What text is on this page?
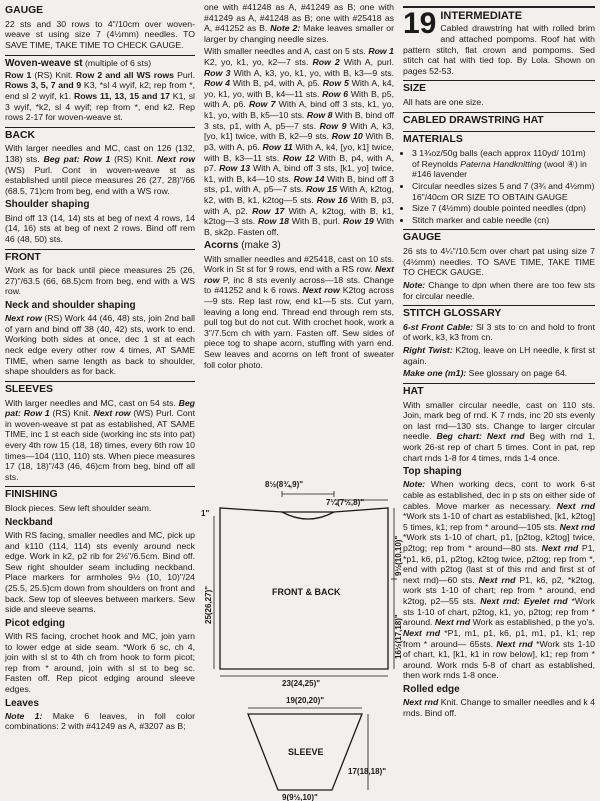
GAUGE

22 sts and 30 rows to 4"/10cm over woven-weave st using size 7 (4½mm) needles. TO SAVE TIME, TAKE TIME TO CHECK GAUGE.

Woven-weave st (multiple of 6 sts)
Row 1 (RS) Knit. Row 2 and all WS rows Purl. Rows 3, 5, 7 and 9 K3, *sl 4 wyif, k2; rep from *, end sl 2 wyif, k1. Rows 11, 13, 15 and 17 K1, sl 3 wyif, *k2, sl 4 wyif; rep from *, end k2. Rep rows 2-17 for woven-weave st.

BACK

With larger needles and MC, cast on 126 (132, 138) sts. Beg pat: Row 1 (RS) Knit. Next row (WS) Purl. Cont in woven-weave st as established until piece measures 26 (27, 28)"/66 (68.5, 71)cm from beg, end with a WS row.

Shoulder shaping

Bind off 13 (14, 14) sts at beg of next 4 rows, 14 (14, 16) sts at beg of next 2 rows. Bind off rem 46 (48, 50) sts.

FRONT

Work as for back until piece measures 25 (26, 27)"/63.5 (66, 68.5)cm from beg, end with a WS row.

Neck and shoulder shaping

Next row (RS) Work 44 (46, 48) sts, join 2nd ball of yarn and bind off 38 (40, 42) sts, work to end. Working both sides at once, dec 1 st at each neck edge every other row 4 times, AT SAME TIME, when same length as back to shoulder, shape shoulders as for back.

SLEEVES

With larger needles and MC, cast on 54 sts. Beg pat: Row 1 (RS) Knit. Next row (WS) Purl. Cont in woven-weave st pat as established, AT SAME TIME, inc 1 st each side (working inc sts into pat) every 4th row 15 (18, 18) times, every 6th row 10 times—104 (110, 110) sts. When piece measures 17 (18, 18)"/43 (46, 46)cm from beg, bind off all sts.

FINISHING

Block pieces. Sew left shoulder seam.

Neckband

With RS facing, smaller needles and MC, pick up and k110 (114, 114) sts evenly around neck edge. Work in k2, p2 rib for 2½"/6.5cm. Bind off. Sew right shoulder seam including neckband. Place markers for armholes 9½ (10, 10)"/24 (25.5, 25.5)cm down from shoulders on front and back. Sew top of sleeves between markers. Sew side and sleeve seams.

Picot edging

With RS facing, crochet hook and MC, join yarn to lower edge at side seam. *Work 6 sc, ch 4, join with sl st to 4th ch from hook to form picot; rep from * around, join with sl st to beg sc. Fasten off. Rep picot edging around sleeve edges.

Leaves

Note 1: Make 6 leaves, in foll color combinations: 2 with #41249 as A, #3207 as B;

one with #41248 as A, #41249 as B; one with #41249 as A, #41248 as B; one with #25418 as A, #41252 as B. Note 2: Make leaves smaller or larger by changing needle sizes.

With smaller needles and A, cast on 5 sts. Row 1 K2, yo, k1, yo, k2—7 sts. Row 2 With A, purl. Row 3 With A, k3, yo, k1, yo, with B, k3—9 sts. Row 4 With B, p4, with A, p5. Row 5 With A, k4, yo, k1, yo, with B, k4—11 sts. Row 6 With B, p5, with A, p6. Row 7 With A, bind off 3 sts, k1, yo, k1, yo, with B, k5—10 sts. Row 8 With B, bind off 3 sts, p1, with A, p5—7 sts. Row 9 With A, k3, [yo, k1] twice, with B, k2—9 sts. Row 10 With B, p3, with A, p6. Row 11 With A, k4, [yo, k1] twice, with B, k3—11 sts. Row 12 With B, p4, with A, p7. Row 13 With A, bind off 3 sts, [k1, yo] twice, k1, with B, k4—10 sts. Row 14 With B, bind off 3 sts, p1, with A, p5—7 sts. Row 15 With A, k2tog, k2, with B, k1, k2tog—5 sts. Row 16 With B, p3, with A, p2. Row 17 With A, k2tog, with B, k1, k2tog—3 sts. Row 18 With B, purl. Row 19 With B, sk2p. Fasten off.

Acorns (make 3)

With smaller needles and #25418, cast on 10 sts. Work in St st for 9 rows, end with a RS row. Next row P, inc 8 sts evenly across—18 sts. Change to #41252 and k 6 rows. Next row K2tog across—9 sts. Rep last row, end k1—5 sts. Cut yarn, leaving a long end. Thread end through rem sts, pull tog but do not cut. With crochet hook, work a 3"/7.5cm ch with yarn. Fasten off. Sew sides of piece tog to shape acorn, stuffing with yarn end. Sew leaves and acorns on left front of sweater foll color photo.

8½(8¾,9)"
7¼(7½,8)"
1"
9½(10,10)"
16½(17,18)"
25(26,27)"	FRONT & BACK
23(24,25)"
19(20,20)"
SLEEVE
17(18,18)"
9(9½,10)"
19 INTERMEDIATE

Cabled drawstring hat with rolled brim and attached pompoms. Roof hat with pattern stitch, flat crown and pompoms. Sed stitch cat hat with tied top. By Lola. Shown on pages 52-53.

SIZE

All hats are one size.

CABLED DRAWSTRING HAT
MATERIALS
• 3 1¾oz/50g balls (each approx 110yd/ 101m) of Reynolds Paterna Handknitting (wool ④) in #146 lavender
• Circular needles sizes 5 and 7 (3¾ and 4½mm) 16"/40cm OR SIZE TO OBTAIN GAUGE
• Size 7 (4½mm) double pointed needles (dpn)
• Stitch marker and cable needle (cn)
GAUGE

26 sts to 4¼"/10.5cm over chart pat using size 7 (4½mm) needles. TO SAVE TIME, TAKE TIME TO CHECK GAUGE.

Note: Change to dpn when there are too few sts for circular needle.

STITCH GLOSSARY

6-st Front Cable: Sl 3 sts to cn and hold to front of work, k3, k3 from cn.

Right Twist: K2tog, leave on LH needle, k first st again.

Make one (m1): See glossary on page 64.

HAT

With smaller circular needle, cast on 110 sts. Join, mark beg of rnd. K 7 rnds, inc 20 sts evenly on last rnd—130 sts. Change to larger circular needle. Beg chart: Next rnd Beg with rnd 1, work 26-st rep of chart 5 times. Cont in pat, rep chart rnds 1-8 for 4 times, rnds 1-4 once.

Top shaping

Note: When working decs, cont to work 6-st cable as established, dec in p sts on either side of cables. Move marker as necessary. Next rnd *Work sts 1-10 of chart as established, [k1, k2tog] 5 times, k1; rep from * around—105 sts. Next rnd *Work sts 1-10 of chart, p1, [p2tog, k2tog] twice, p2tog; rep from * around—80 sts. Next rnd P1, *p1, k6, p1, p2tog, k2tog twice, p2tog; rep from *, end with p2tog (last st of this rnd and first st of next rnd)—60 sts. Next rnd P1, k6, p2, *k2tog, work sts 1-10 of chart; rep from * around, end k2tog, p2—55 sts. Next rnd: Eyelet rnd *Work sts 1-10 of chart, p2tog, k1, yo, p2tog; rep from * around. Next rnd Work as established, p the yo's. Next rnd *P1, m1, p1, k6, p1, m1, p1, k1; rep from * around— 65sts. Next rnd *Work sts 1-10 of chart, k1, [k1, k1 in row below], k1; rep from * around. Work rnds 5-8 of chart as established, then work rnds 1-8 once.

Rolled edge

Next rnd Knit. Change to smaller needles and k 4 rnds. Bind off.
